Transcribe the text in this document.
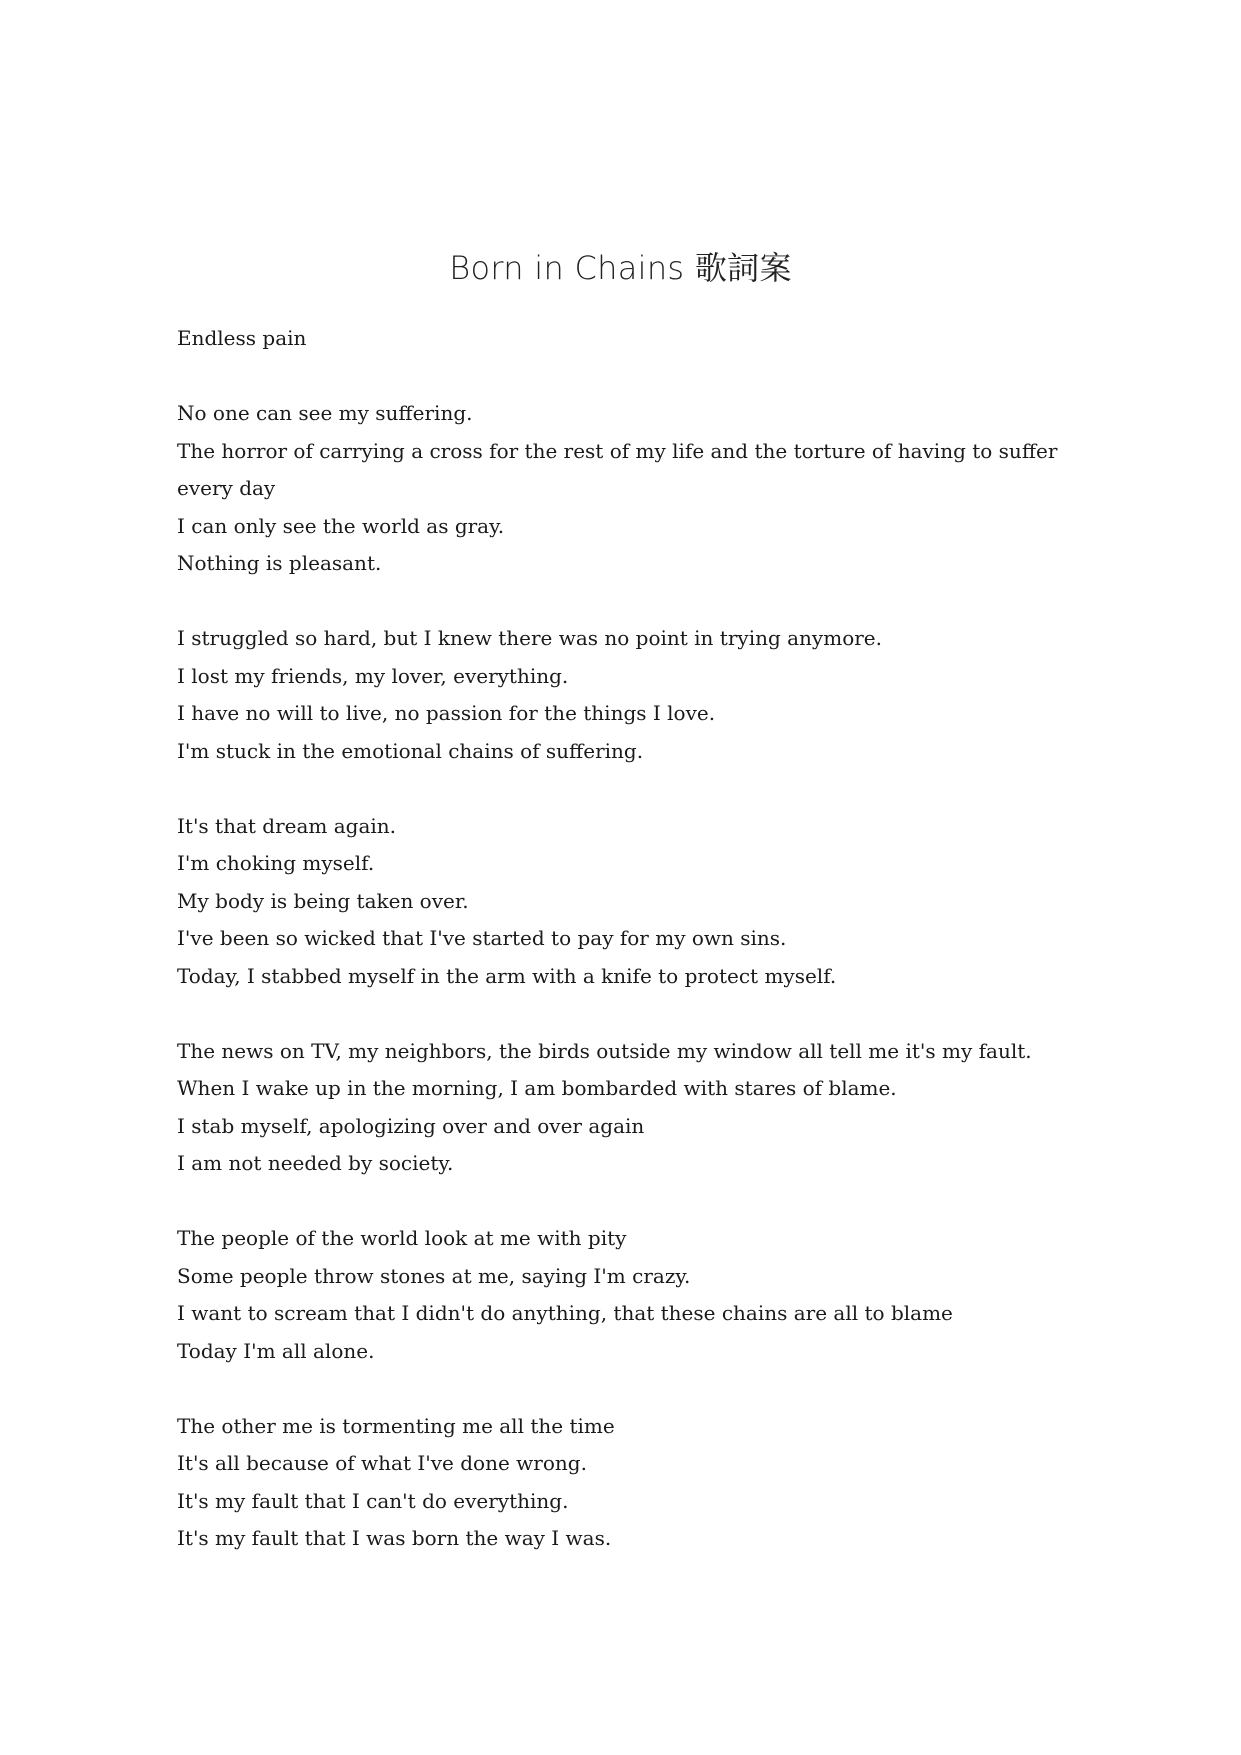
Born in Chains 歌詞案
Endless pain
No one can see my suffering.
The horror of carrying a cross for the rest of my life and the torture of having to suffer every day
I can only see the world as gray.
Nothing is pleasant.
I struggled so hard, but I knew there was no point in trying anymore.
I lost my friends, my lover, everything.
I have no will to live, no passion for the things I love.
I'm stuck in the emotional chains of suffering.
It's that dream again.
I'm choking myself.
My body is being taken over.
I've been so wicked that I've started to pay for my own sins.
Today, I stabbed myself in the arm with a knife to protect myself.
The news on TV, my neighbors, the birds outside my window all tell me it's my fault.
When I wake up in the morning, I am bombarded with stares of blame.
I stab myself, apologizing over and over again
I am not needed by society.
The people of the world look at me with pity
Some people throw stones at me, saying I'm crazy.
I want to scream that I didn't do anything, that these chains are all to blame
Today I'm all alone.
The other me is tormenting me all the time
It's all because of what I've done wrong.
It's my fault that I can't do everything.
It's my fault that I was born the way I was.
